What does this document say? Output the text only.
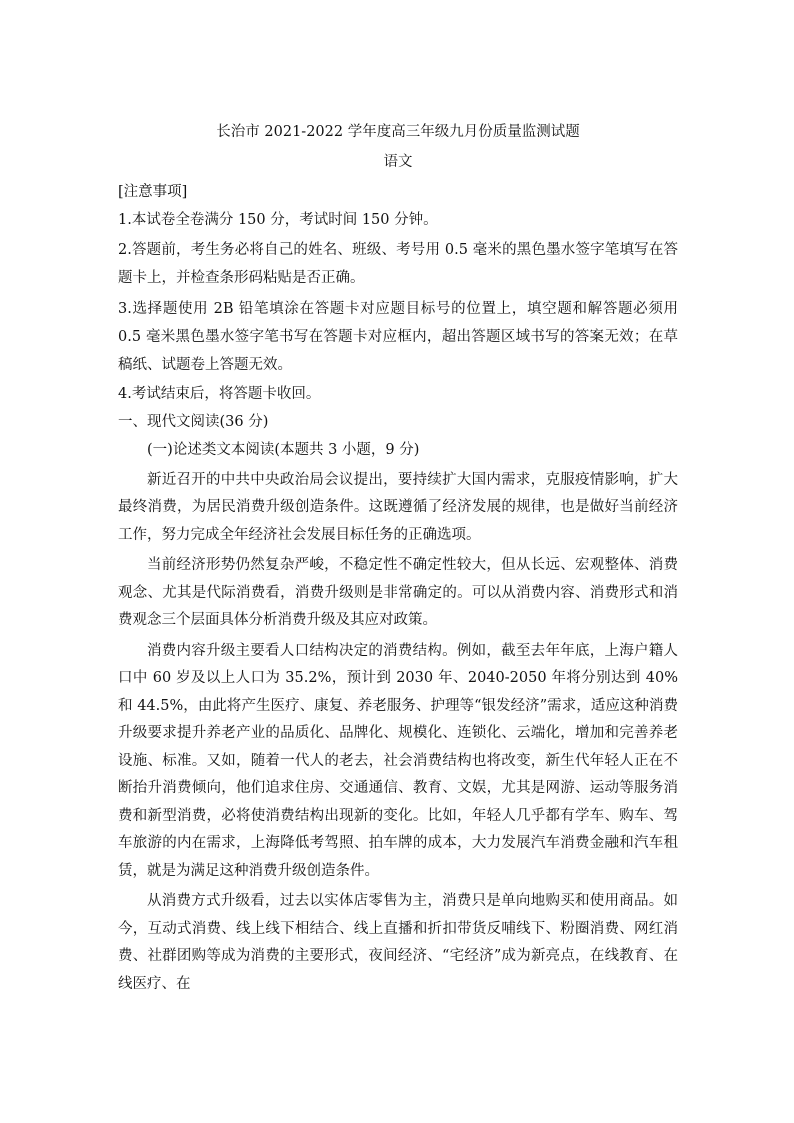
长治市 2021-2022 学年度高三年级九月份质量监测试题

语文

[注意事项]

1.本试卷全卷满分 150 分，考试时间 150 分钟。

2.答题前，考生务必将自己的姓名、班级、考号用 0.5 毫米的黑色墨水签字笔填写在答题卡上，并检查条形码粘贴是否正确。

3.选择题使用 2B 铅笔填涂在答题卡对应题目标号的位置上，填空题和解答题必须用 0.5 毫米黑色墨水签字笔书写在答题卡对应框内，超出答题区域书写的答案无效；在草稿纸、试题卷上答题无效。

4.考试结束后，将答题卡收回。

一、现代文阅读(36 分)

(一)论述类文本阅读(本题共 3 小题，9 分)

新近召开的中共中央政治局会议提出，要持续扩大国内需求，克服疫情影响，扩大最终消费，为居民消费升级创造条件。这既遵循了经济发展的规律，也是做好当前经济工作，努力完成全年经济社会发展目标任务的正确选项。

当前经济形势仍然复杂严峻，不稳定性不确定性较大，但从长远、宏观整体、消费观念、尤其是代际消费看，消费升级则是非常确定的。可以从消费内容、消费形式和消费观念三个层面具体分析消费升级及其应对政策。

消费内容升级主要看人口结构决定的消费结构。例如，截至去年年底，上海户籍人口中 60 岁及以上人口为 35.2%，预计到 2030 年、2040-2050 年将分别达到 40%和 44.5%，由此将产生医疗、康复、养老服务、护理等“银发经济”需求，适应这种消费升级要求提升养老产业的品质化、品牌化、规模化、连锁化、云端化，增加和完善养老设施、标准。又如，随着一代人的老去，社会消费结构也将改变，新生代年轻人正在不断抬升消费倾向，他们追求住房、交通通信、教育、文娱，尤其是网游、运动等服务消费和新型消费，必将使消费结构出现新的变化。比如，年轻人几乎都有学车、购车、驾车旅游的内在需求，上海降低考驾照、拍车牌的成本，大力发展汽车消费金融和汽车租赁，就是为满足这种消费升级创造条件。

从消费方式升级看，过去以实体店零售为主，消费只是单向地购买和使用商品。如今，互动式消费、线上线下相结合、线上直播和折扣带货反哺线下、粉圈消费、网红消费、社群团购等成为消费的主要形式，夜间经济、“宅经济”成为新亮点，在线教育、在线医疗、在
